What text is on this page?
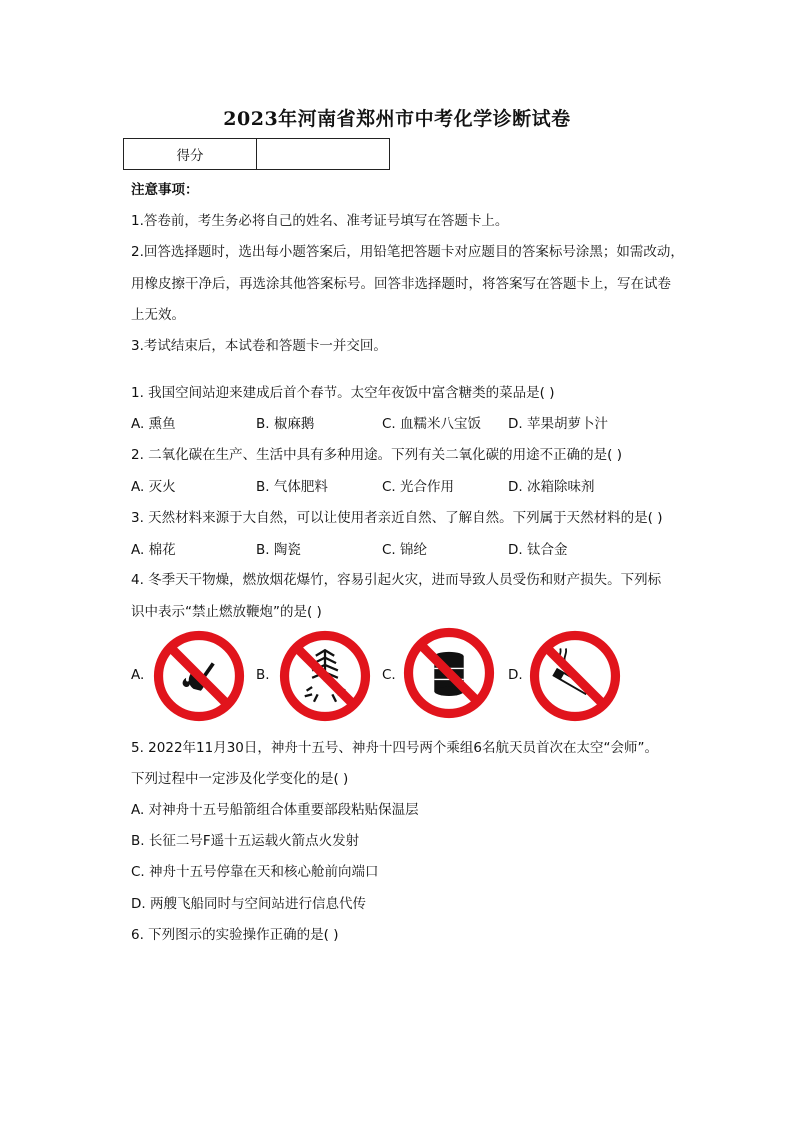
2023年河南省郑州市中考化学诊断试卷
得分	
注意事项：
1.答卷前，考生务必将自己的姓名、准考证号填写在答题卡上。
2.回答选择题时，选出每小题答案后，用铅笔把答题卡对应题目的答案标号涂黑；如需改动，
用橡皮擦干净后，再选涂其他答案标号。回答非选择题时，将答案写在答题卡上，写在试卷
上无效。
3.考试结束后，本试卷和答题卡一并交回。
1. 我国空间站迎来建成后首个春节。太空年夜饭中富含糖类的菜品是( )
A. 熏鱼	B. 椒麻鹅	C. 血糯米八宝饭 D. 苹果胡萝卜汁
2. 二氧化碳在生产、生活中具有多种用途。下列有关二氧化碳的用途不正确的是( )
A. 灭火	B. 气体肥料	C. 光合作用	D. 冰箱除味剂
3. 天然材料来源于大自然，可以让使用者亲近自然、了解自然。下列属于天然材料的是( )
A. 棉花	B. 陶瓷	C. 锦纶	D. 钛合金
4. 冬季天干物燥，燃放烟花爆竹，容易引起火灾，进而导致人员受伤和财产损失。下列标
识中表示“禁止燃放鞭炮”的是( )
A.	B.	C.	D.
5. 2022年11月30日，神舟十五号、神舟十四号两个乘组6名航天员首次在太空“会师”。
下列过程中一定涉及化学变化的是( )
A. 对神舟十五号船箭组合体重要部段粘贴保温层
B. 长征二号F遥十五运载火箭点火发射
C. 神舟十五号停靠在天和核心舱前向端口
D. 两艘飞船同时与空间站进行信息代传
6. 下列图示的实验操作正确的是( )
